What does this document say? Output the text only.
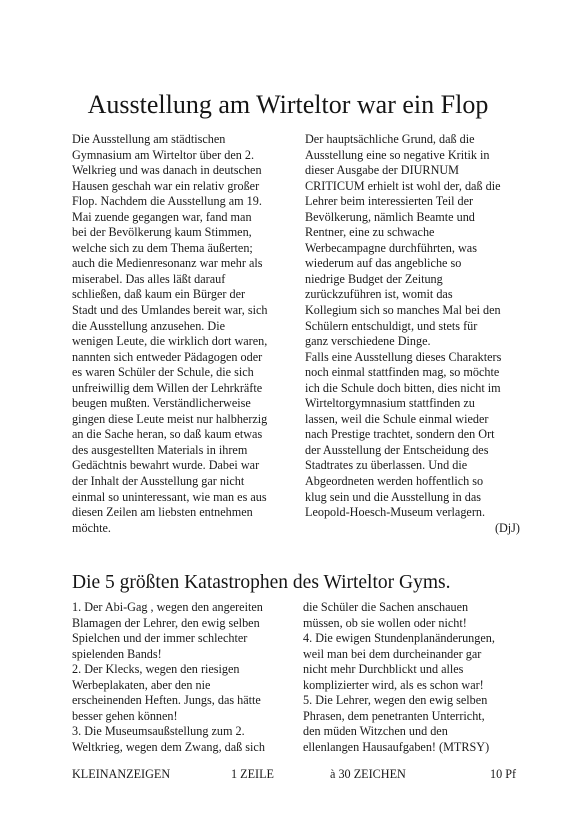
Ausstellung am Wirteltor war ein Flop
Die Ausstellung am städtischen
Gymnasium am Wirteltor über den 2.
Welkrieg und was danach in deutschen
Hausen geschah war ein relativ großer
Flop. Nachdem die Ausstellung am 19.
Mai zuende gegangen war, fand man
bei der Bevölkerung kaum Stimmen,
welche sich zu dem Thema äußerten;
auch die Medienresonanz war mehr als
miserabel. Das alles läßt darauf
schließen, daß kaum ein Bürger der
Stadt und des Umlandes bereit war, sich
die Ausstellung anzusehen. Die
wenigen Leute, die wirklich dort waren,
nannten sich entweder Pädagogen oder
es waren Schüler der Schule, die sich
unfreiwillig dem Willen der Lehrkräfte
beugen mußten. Verständlicherweise
gingen diese Leute meist nur halbherzig
an die Sache heran, so daß kaum etwas
des ausgestellten Materials in ihrem
Gedächtnis bewahrt wurde. Dabei war
der Inhalt der Ausstellung gar nicht
einmal so uninteressant, wie man es aus
diesen Zeilen am liebsten entnehmen
möchte.
Der hauptsächliche Grund, daß die
Ausstellung eine so negative Kritik in
dieser Ausgabe der DIURNUM
CRITICUM erhielt ist wohl der, daß die
Lehrer beim interessierten Teil der
Bevölkerung, nämlich Beamte und
Rentner, eine zu schwache
Werbecampagne durchführten, was
wiederum auf das angebliche so
niedrige Budget der Zeitung
zurückzuführen ist, womit das
Kollegium sich so manches Mal bei den
Schülern entschuldigt, und stets für
ganz verschiedene Dinge.
Falls eine Ausstellung dieses Charakters
noch einmal stattfinden mag, so möchte
ich die Schule doch bitten, dies nicht im
Wirteltorgymnasium stattfinden zu
lassen, weil die Schule einmal wieder
nach Prestige trachtet, sondern den Ort
der Ausstellung der Entscheidung des
Stadtrates zu überlassen. Und die
Abgeordneten werden hoffentlich so
klug sein und die Ausstellung in das
Leopold-Hoesch-Museum verlagern.
(DjJ)
Die 5 größten Katastrophen des Wirteltor Gyms.
1. Der Abi-Gag , wegen den angereiten
Blamagen der Lehrer, den ewig selben
Spielchen und der immer schlechter
spielenden Bands!
2. Der Klecks, wegen den riesigen
Werbeplakaten, aber den nie
erscheinenden Heften. Jungs, das hätte
besser gehen können!
3. Die Museumsaußstellung zum 2.
Weltkrieg, wegen dem Zwang, daß sich
die Schüler die Sachen anschauen
müssen, ob sie wollen oder nicht!
4. Die ewigen Stundenplanänderungen,
weil man bei dem durcheinander gar
nicht mehr Durchblickt und alles
komplizierter wird, als es schon war!
5. Die Lehrer, wegen den ewig selben
Phrasen, dem penetranten Unterricht,
den müden Witzchen und den
ellenlangen Hausaufgaben! (MTRSY)
KLEINANZEIGEN	1 ZEILE	à 30 ZEICHEN	10 Pf
